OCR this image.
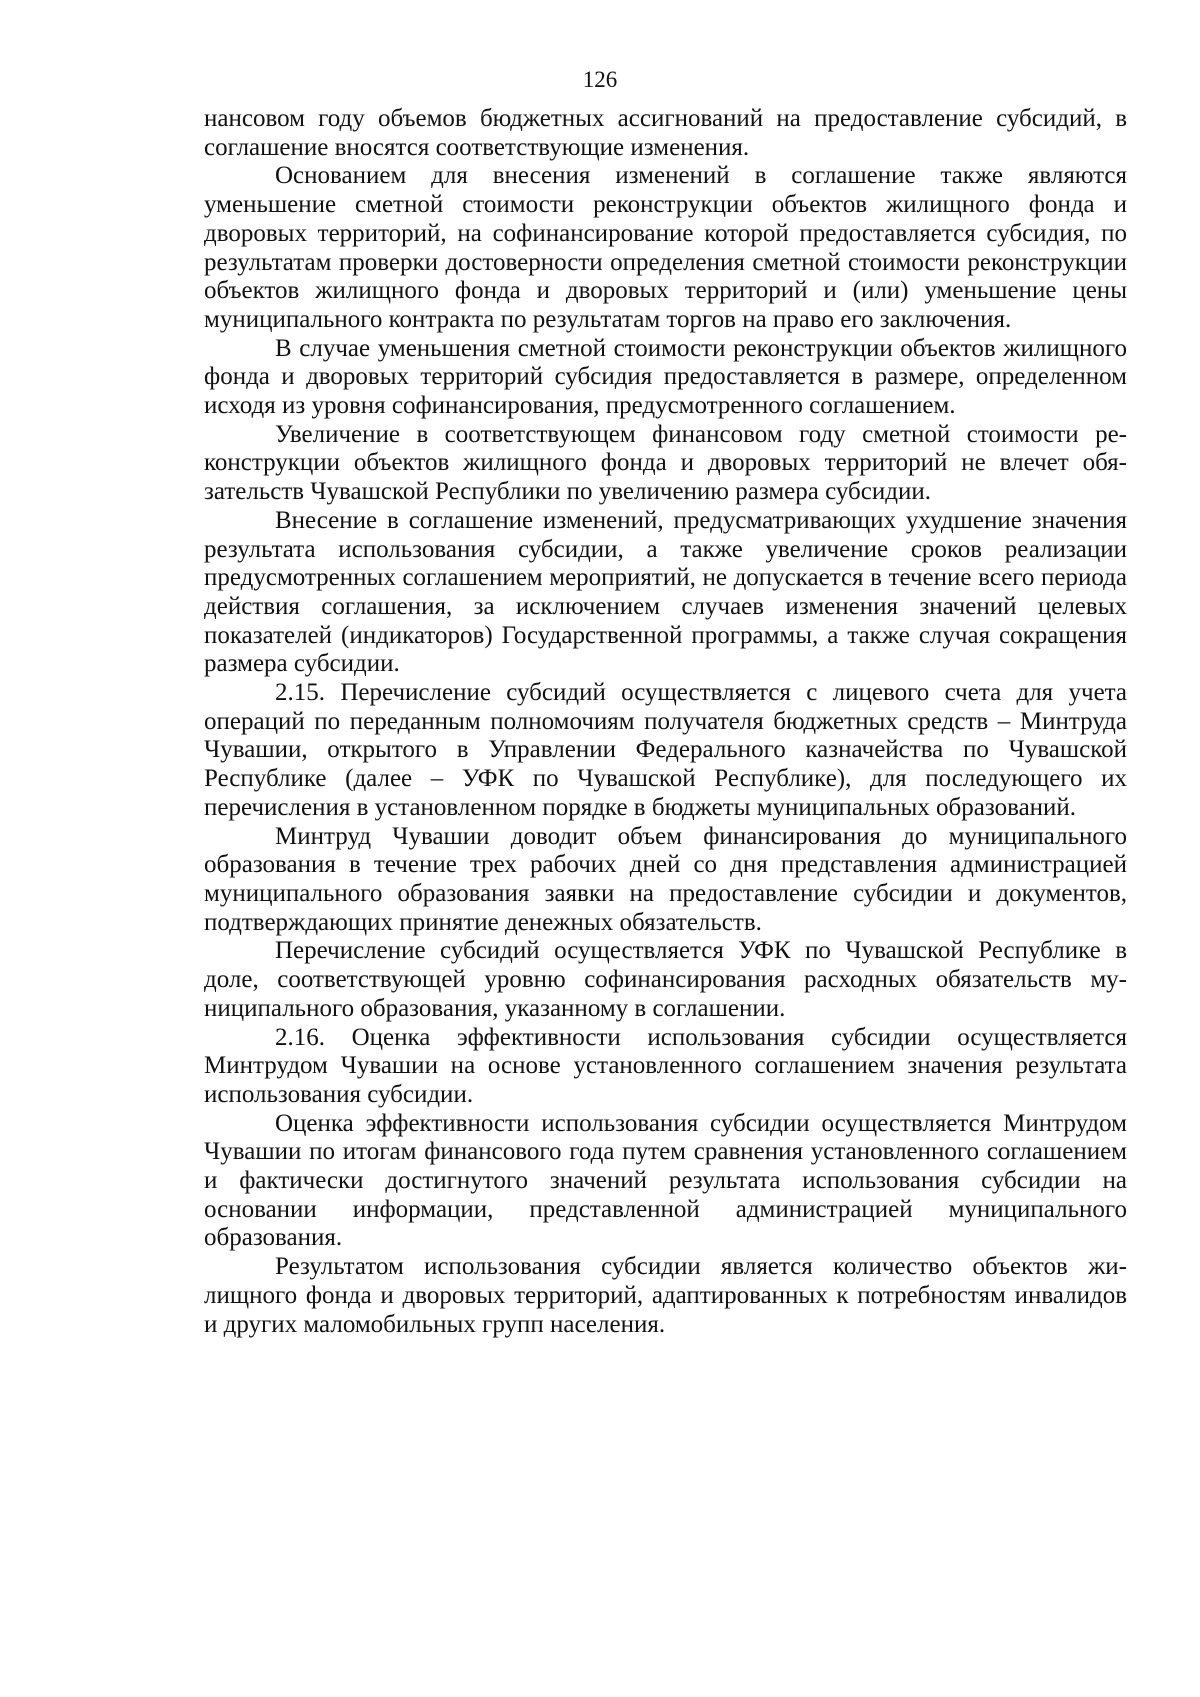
126

нансовом году объемов бюджетных ассигнований на предоставление субсидий, в соглашение вносятся соответствующие изменения.

Основанием для внесения изменений в соглашение также являются уменьшение сметной стоимости реконструкции объектов жилищного фонда и дворовых территорий, на софинансирование которой предоставляется субсидия, по результатам проверки достоверности определения сметной стоимости реконструкции объектов жилищного фонда и дворовых территорий и (или) уменьшение цены муниципального контракта по результатам торгов на право его заключения.

В случае уменьшения сметной стоимости реконструкции объектов жилищного фонда и дворовых территорий субсидия предоставляется в размере, определенном исходя из уровня софинансирования, предусмотренного соглашением.

Увеличение в соответствующем финансовом году сметной стоимости реконструкции объектов жилищного фонда и дворовых территорий не влечет обязательств Чувашской Республики по увеличению размера субсидии.

Внесение в соглашение изменений, предусматривающих ухудшение значения результата использования субсидии, а также увеличение сроков реализации предусмотренных соглашением мероприятий, не допускается в течение всего периода действия соглашения, за исключением случаев изменения значений целевых показателей (индикаторов) Государственной программы, а также случая сокращения размера субсидии.

2.15. Перечисление субсидий осуществляется с лицевого счета для учета операций по переданным полномочиям получателя бюджетных средств – Минтруда Чувашии, открытого в Управлении Федерального казначейства по Чувашской Республике (далее – УФК по Чувашской Республике), для последующего их перечисления в установленном порядке в бюджеты муниципальных образований.

Минтруд Чувашии доводит объем финансирования до муниципального образования в течение трех рабочих дней со дня представления администрацией муниципального образования заявки на предоставление субсидии и документов, подтверждающих принятие денежных обязательств.

Перечисление субсидий осуществляется УФК по Чувашской Республике в доле, соответствующей уровню софинансирования расходных обязательств муниципального образования, указанному в соглашении.

2.16. Оценка эффективности использования субсидии осуществляется Минтрудом Чувашии на основе установленного соглашением значения результата использования субсидии.

Оценка эффективности использования субсидии осуществляется Минтрудом Чувашии по итогам финансового года путем сравнения установленного соглашением и фактически достигнутого значений результата использования субсидии на основании информации, представленной администрацией муниципального образования.

Результатом использования субсидии является количество объектов жилищного фонда и дворовых территорий, адаптированных к потребностям инвалидов и других маломобильных групп населения.
